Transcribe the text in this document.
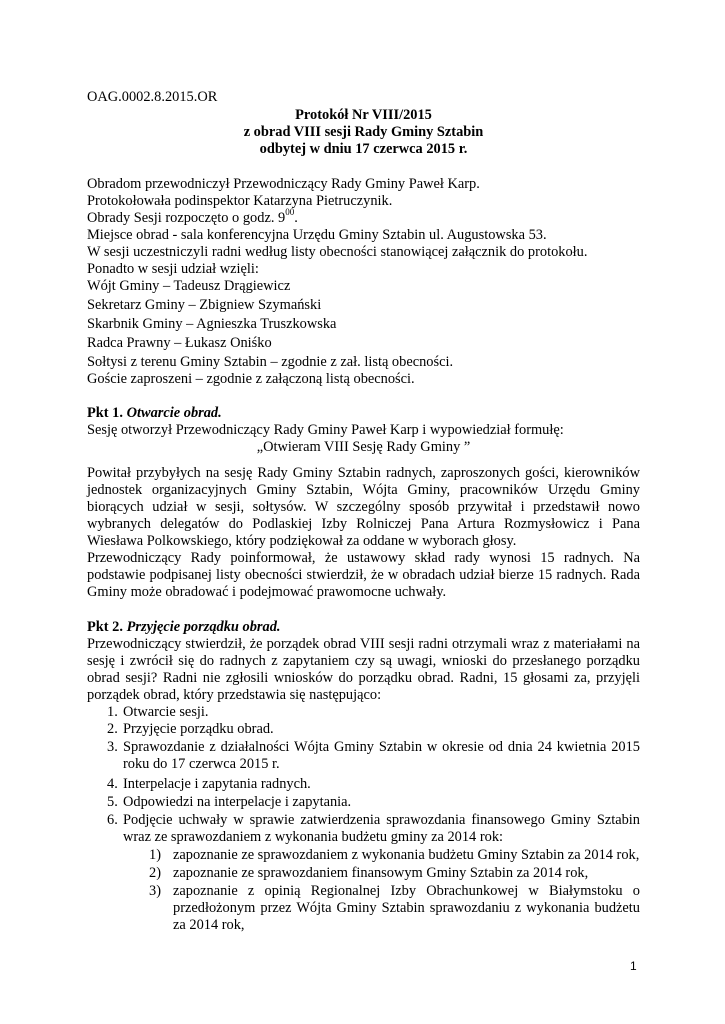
OAG.0002.8.2015.OR
Protokół Nr VIII/2015
z obrad VIII sesji Rady Gminy Sztabin
odbytej w dniu 17 czerwca 2015 r.
Obradom przewodniczył Przewodniczący Rady Gminy Paweł Karp.
Protokołowała podinspektor Katarzyna Pietruczynik.
Obrady Sesji rozpoczęto o godz. $9^{00}$.
Miejsce obrad - sala konferencyjna Urzędu Gminy Sztabin ul. Augustowska 53.
W sesji uczestniczyli radni według listy obecności stanowiącej załącznik do protokołu.
Ponadto w sesji udział wzięli:
Wójt Gminy – Tadeusz Drągiewicz
Sekretarz Gminy – Zbigniew Szymański
Skarbnik Gminy – Agnieszka Truszkowska
Radca Prawny – Łukasz Oniśko
Sołtysi z terenu Gminy Sztabin – zgodnie z zał. listą obecności.
Goście zaproszeni – zgodnie z załączoną listą obecności.
Pkt 1. Otwarcie obrad.
Sesję otworzył Przewodniczący Rady Gminy Paweł Karp i wypowiedział formułę:
„Otwieram VIII Sesję Rady Gminy ”
Powitał przybyłych na sesję Rady Gminy Sztabin radnych, zaproszonych gości, kierowników
jednostek organizacyjnych Gminy Sztabin, Wójta Gminy, pracowników Urzędu Gminy
biorących udział w sesji, sołtysów. W szczególny sposób przywitał i przedstawił nowo
wybranych delegatów do Podlaskiej Izby Rolniczej Pana Artura Rozmysłowicz i Pana
Wiesława Polkowskiego, który podziękował za oddane w wyborach głosy.
Przewodniczący Rady poinformował, że ustawowy skład rady wynosi 15 radnych. Na
podstawie podpisanej listy obecności stwierdził, że w obradach udział bierze 15 radnych. Rada
Gminy może obradować i podejmować prawomocne uchwały.
Pkt 2. Przyjęcie porządku obrad.
Przewodniczący stwierdził, że porządek obrad VIII sesji radni otrzymali wraz z materiałami na
sesję i zwrócił się do radnych z zapytaniem czy są uwagi, wnioski do przesłanego porządku
obrad sesji? Radni nie zgłosili wniosków do porządku obrad. Radni, 15 głosami za, przyjęli
porządek obrad, który przedstawia się następująco:
1. Otwarcie sesji.
2. Przyjęcie porządku obrad.
3. Sprawozdanie z działalności Wójta Gminy Sztabin w okresie od dnia 24 kwietnia 2015
roku do 17 czerwca 2015 r.
4. Interpelacje i zapytania radnych.
5. Odpowiedzi na interpelacje i zapytania.
6. Podjęcie uchwały w sprawie zatwierdzenia sprawozdania finansowego Gminy Sztabin
wraz ze sprawozdaniem z wykonania budżetu gminy za 2014 rok:
1) zapoznanie ze sprawozdaniem z wykonania budżetu Gminy Sztabin za 2014 rok,
2) zapoznanie ze sprawozdaniem finansowym Gminy Sztabin za 2014 rok,
3) zapoznanie z opinią Regionalnej Izby Obrachunkowej w Białymstoku o
przedłożonym przez Wójta Gminy Sztabin sprawozdaniu z wykonania budżetu
za 2014 rok,
1
